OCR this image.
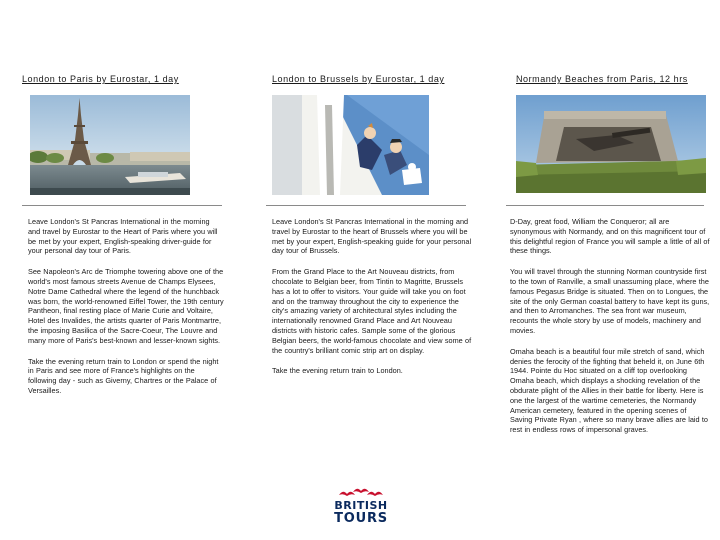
London to Paris by Eurostar, 1 day

Leave London's St Pancras International in the morning and travel by Eurostar to the Heart of Paris where you will be met by your expert, English-speaking driver-guide for your personal day tour of Paris.

See Napoleon's Arc de Triomphe towering above one of the world's most famous streets Avenue de Champs Elysees, Notre Dame Cathedral where the legend of the hunchback was born, the world-renowned Eiffel Tower, the 19th century Pantheon, final resting place of Marie Curie and Voltaire, Hotel des Invalides, the artists quarter of Paris Montmartre, the imposing Basilica of the Sacre-Coeur, The Louvre and many more of Paris's best-known and lesser-known sights.

Take the evening return train to London or spend the night in Paris and see more of France's highlights on the following day - such as Giverny, Chartres or the Palace of Versailles.

London to Brussels by Eurostar, 1 day

Leave London's St Pancras International in the morning and travel by Eurostar to the heart of Brussels where you will be met by your expert, English-speaking guide for your personal day tour of Brussels.

From the Grand Place to the Art Nouveau districts, from chocolate to Belgian beer, from Tintin to Magritte, Brussels has a lot to offer to visitors. Your guide will take you on foot and on the tramway throughout the city to experience the city's amazing variety of architectural styles including the internationally renowned Grand Place and Art Nouveau districts with historic cafes. Sample some of the glorious Belgian beers, the world-famous chocolate and view some of the country's brilliant comic strip art on display.

Take the evening return train to London.

Normandy Beaches from Paris, 12 hrs

D-Day, great food, William the Conqueror; all are synonymous with Normandy, and on this magnificent tour of this delightful region of France you will sample a little of all of these things.

You will travel through the stunning Norman countryside first to the town of Ranville, a small unassuming place, where the famous Pegasus Bridge is situated. Then on to Longues, the site of the only German coastal battery to have kept its guns, and then to Arromanches. The sea front war museum, recounts the whole story by use of models, machinery and movies.

Omaha beach is a beautiful four mile stretch of sand, which denies the ferocity of the fighting that beheld it, on June 6th 1944. Pointe du Hoc situated on a cliff top overlooking Omaha beach, which displays a shocking revelation of the obdurate plight of the Allies in their battle for liberty. Here is one the largest of the wartime cemeteries, the Normandy American cemetery, featured in the opening scenes of Saving Private Ryan , where so many brave allies are laid to rest in endless rows of impersonal graves.

BRITISH
TOURS
